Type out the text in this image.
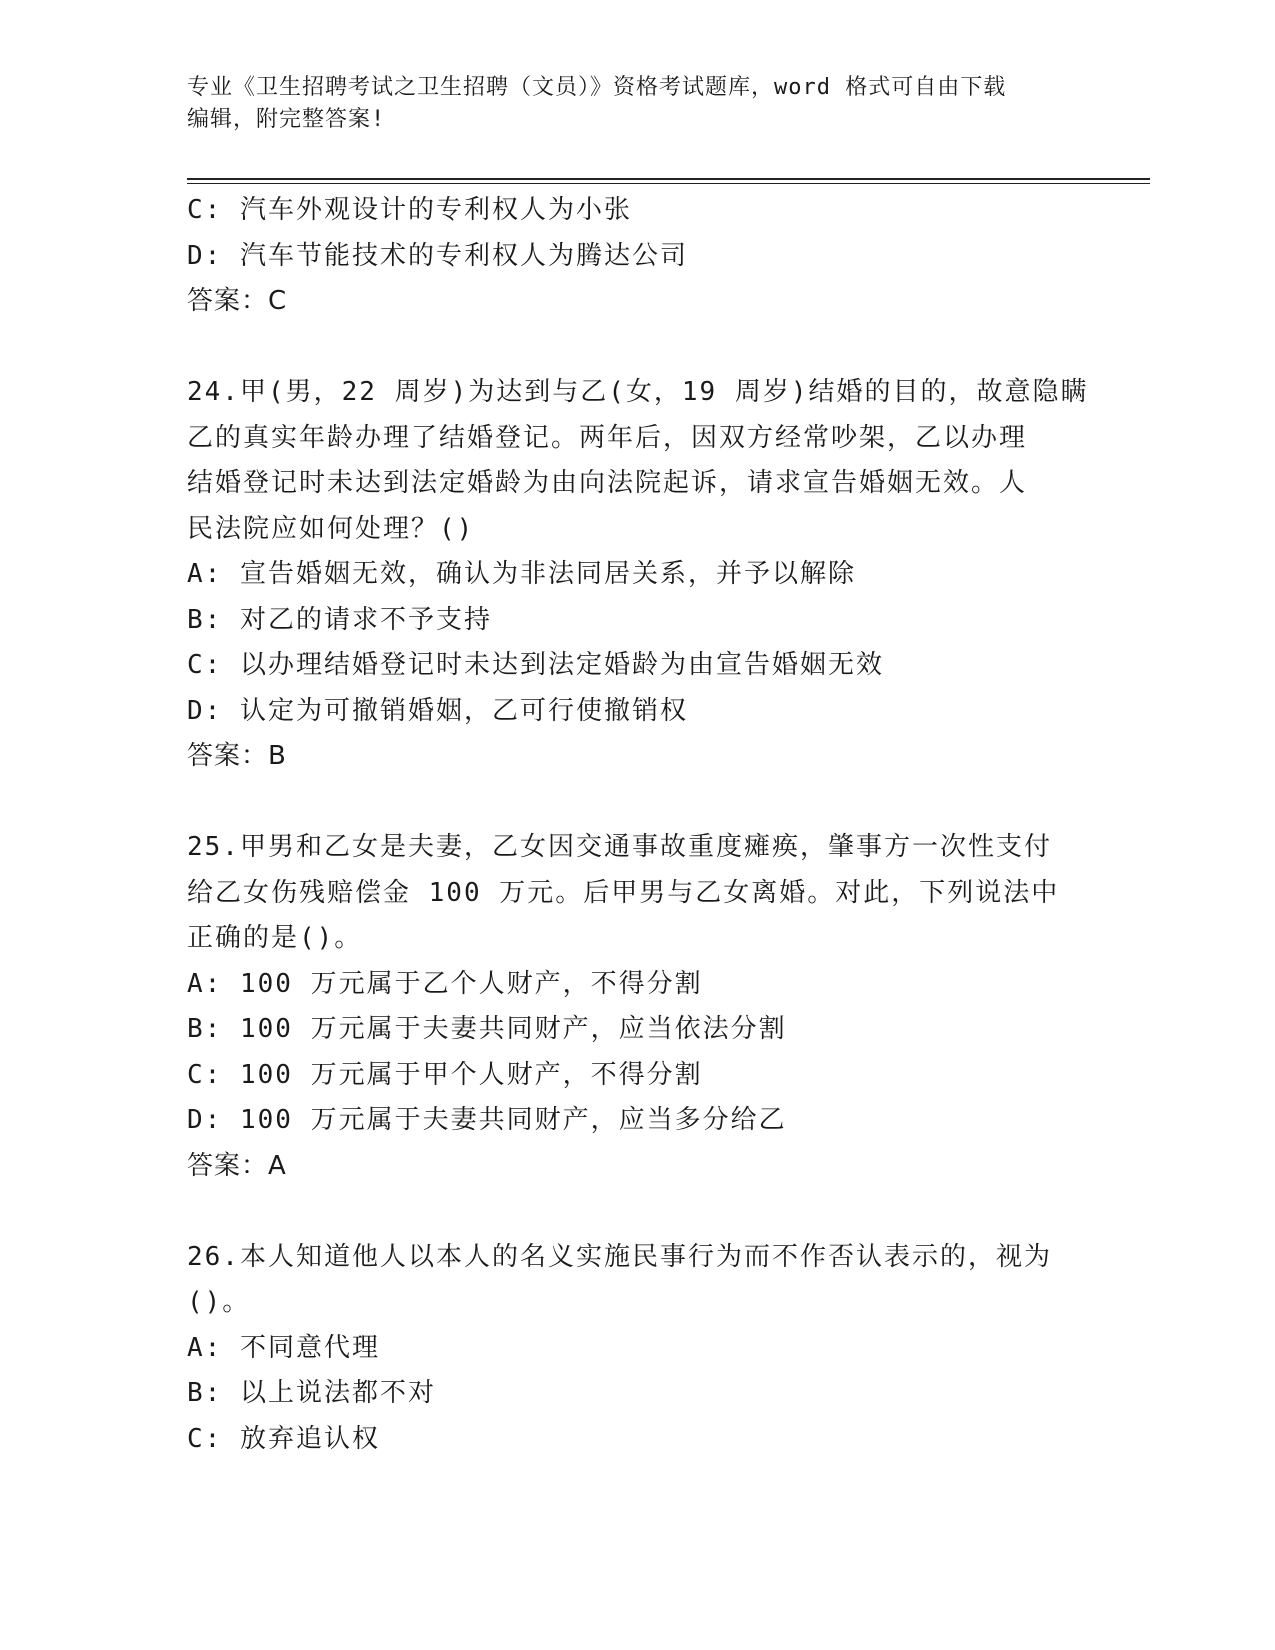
专业《卫生招聘考试之卫生招聘（文员）》资格考试题库，word 格式可自由下载
编辑，附完整答案!
C: 汽车外观设计的专利权人为小张
D: 汽车节能技术的专利权人为腾达公司
答案：C
24.甲(男，22 周岁)为达到与乙(女，19 周岁)结婚的目的，故意隐瞒
乙的真实年龄办理了结婚登记。两年后，因双方经常吵架，乙以办理
结婚登记时未达到法定婚龄为由向法院起诉，请求宣告婚姻无效。人
民法院应如何处理？()
A: 宣告婚姻无效，确认为非法同居关系，并予以解除
B: 对乙的请求不予支持
C: 以办理结婚登记时未达到法定婚龄为由宣告婚姻无效
D: 认定为可撤销婚姻，乙可行使撤销权
答案：B
25.甲男和乙女是夫妻，乙女因交通事故重度瘫痪，肇事方一次性支付
给乙女伤残赔偿金 100 万元。后甲男与乙女离婚。对此，下列说法中
正确的是()。
A: 100 万元属于乙个人财产，不得分割
B: 100 万元属于夫妻共同财产，应当依法分割
C: 100 万元属于甲个人财产，不得分割
D: 100 万元属于夫妻共同财产，应当多分给乙
答案：A
26.本人知道他人以本人的名义实施民事行为而不作否认表示的，视为
()。
A: 不同意代理
B: 以上说法都不对
C: 放弃追认权
